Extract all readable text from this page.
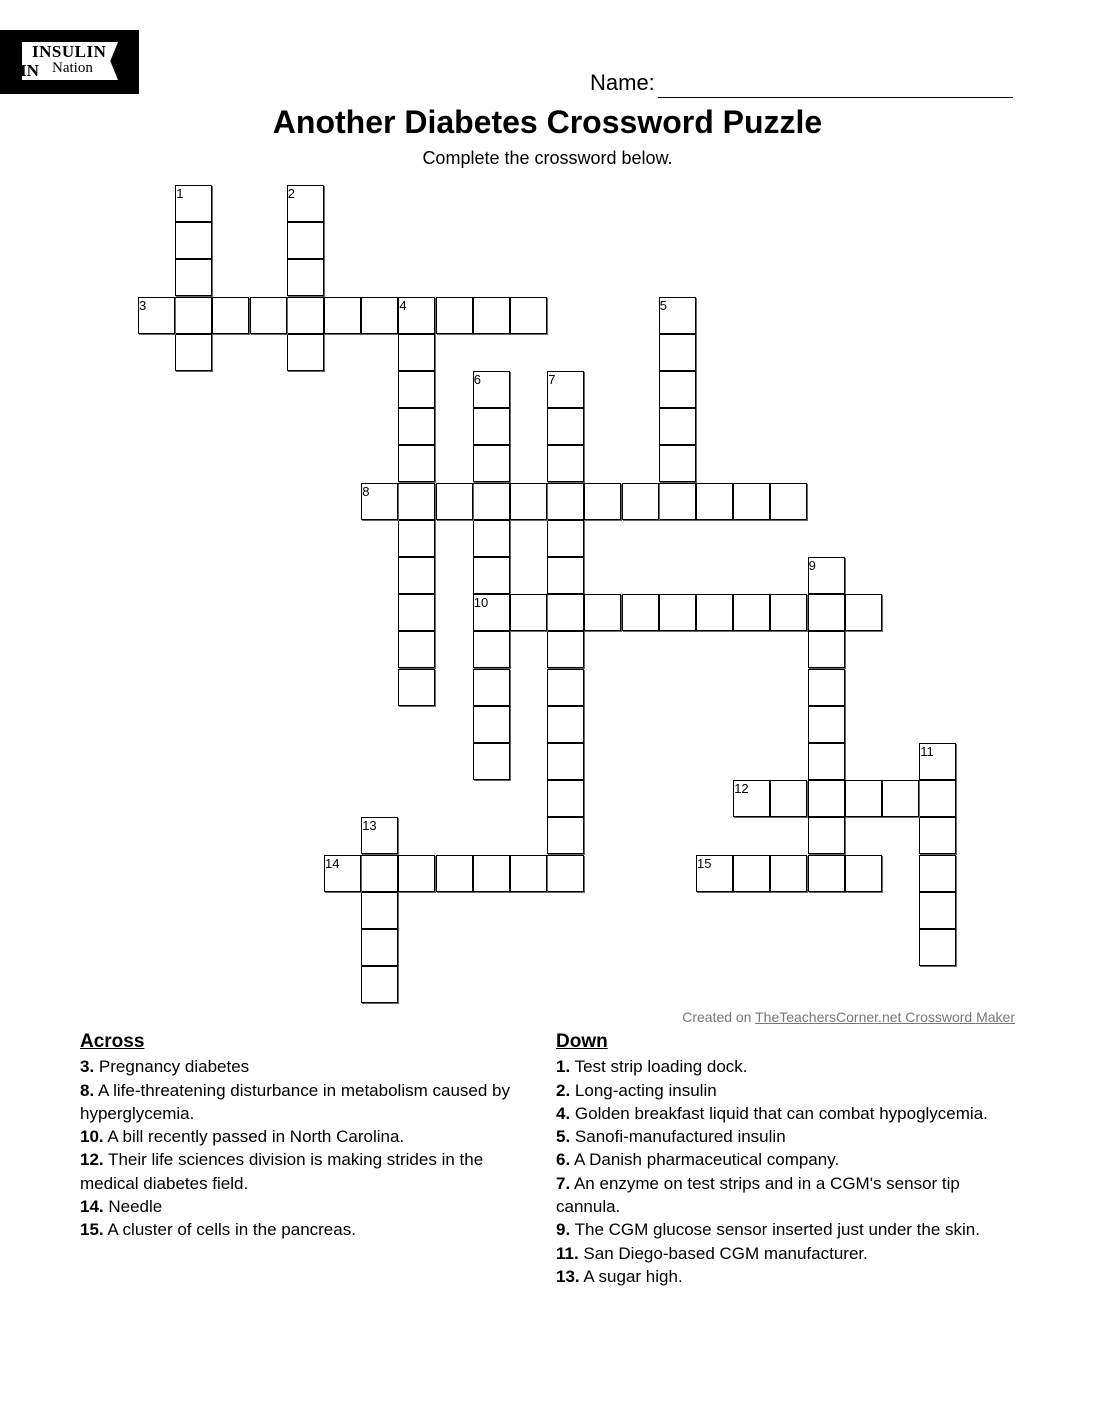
INSULIN
IN Nation
Name:
Another Diabetes Crossword Puzzle
Complete the crossword below.
1	2
3	4	5
6	7
8
9
10
11
12
13
14	15
Created on TheTeachersCorner.net Crossword Maker
Across
3. Pregnancy diabetes
8. A life-threatening disturbance in metabolism caused by hyperglycemia.
10. A bill recently passed in North Carolina.
12. Their life sciences division is making strides in the medical diabetes field.
14. Needle
15. A cluster of cells in the pancreas.
Down
1. Test strip loading dock.
2. Long-acting insulin
4. Golden breakfast liquid that can combat hypoglycemia.
5. Sanofi-manufactured insulin
6. A Danish pharmaceutical company.
7. An enzyme on test strips and in a CGM's sensor tip cannula.
9. The CGM glucose sensor inserted just under the skin.
11. San Diego-based CGM manufacturer.
13. A sugar high.
